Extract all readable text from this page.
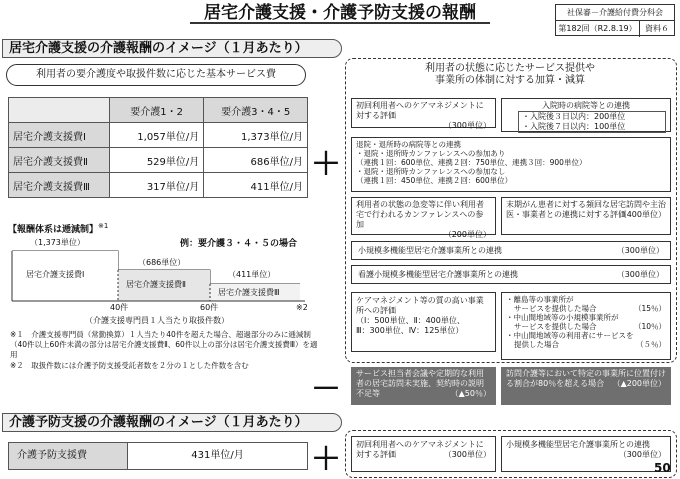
居宅介護支援・介護予防支援の報酬	社保審－介護給付費分科会
第182回（R2.8.19）	資料６
居宅介護支援の介護報酬のイメージ（１月あたり）
利用者の要介護度や取扱件数に応じた基本サービス費
	要介護1・2	要介護3・4・5
居宅介護支援費Ⅰ	1,057単位/月	1,373単位/月
居宅介護支援費Ⅱ	529単位/月	686単位/月
居宅介護支援費Ⅲ	317単位/月	411単位/月
【報酬体系は逓減制】$^{※1}$
例：要介護３・４・５の場合
（1,373単位）
（686単位）
（411単位）
居宅介護支援費Ⅰ
居宅介護支援費Ⅱ
居宅介護支援費Ⅲ
40件	60件	※2
（介護支援専門員１人当たり取扱件数）
※１　介護支援専門員（常勤換算）１人当たり40件を超えた場合、超過部分のみに逓減制（40件以上60件未満の部分は居宅介護支援費Ⅱ、60件以上の部分は居宅介護支援費Ⅲ）を適用
※２　取扱件数には介護予防支援受託者数を２分の１とした件数を含む
＋
－
利用者の状態に応じたサービス提供や
事業所の体制に対する加算・減算
初回利用者へのケアマネジメントに対する評価
（300単位）
入院時の病院等との連携
・入院後３日以内：200単位
・入院後７日以内：100単位
退院・退所時の病院等との連携
・退院・退所時カンファレンスへの参加あり
（連携１回：600単位、連携２回：750単位、連携３回：900単位）
・退院・退所時カンファレンスへの参加なし
（連携１回：450単位、連携２回：600単位）
利用者の状態の急変等に伴い利用者宅で行われるカンファレンスへの参加
（200単位）
末期がん患者に対する頻回な居宅訪問や主治医・事業者との連携に対する評価
（400単位）
小規模多機能型居宅介護事業所との連携	（300単位）
看護小規模多機能型居宅介護事業所との連携	（300単位）
ケアマネジメント等の質の高い事業所への評価
（Ⅰ：500単位、Ⅱ：400単位、
Ⅲ：300単位、Ⅳ：125単位）
・離島等の事業所が
サービスを提供した場合	（15％）
・中山間地域等の小規模事業所が
サービスを提供した場合	（10％）
・中山間地域等の利用者にサービスを
提供した場合	（５％）
サービス担当者会議や定期的な利用者の居宅訪問未実施、契約時の説明不足等	（▲50％）
訪問介護等において特定の事業所に位置付ける割合が80％を超える場合	（▲200単位）
介護予防支援の介護報酬のイメージ（１月あたり）
介護予防支援費	431単位/月	＋ 初回利用者へのケアマネジメントに対する評価	（300単位）
小規模多機能型居宅介護事業所との連携
（300単位）
50
